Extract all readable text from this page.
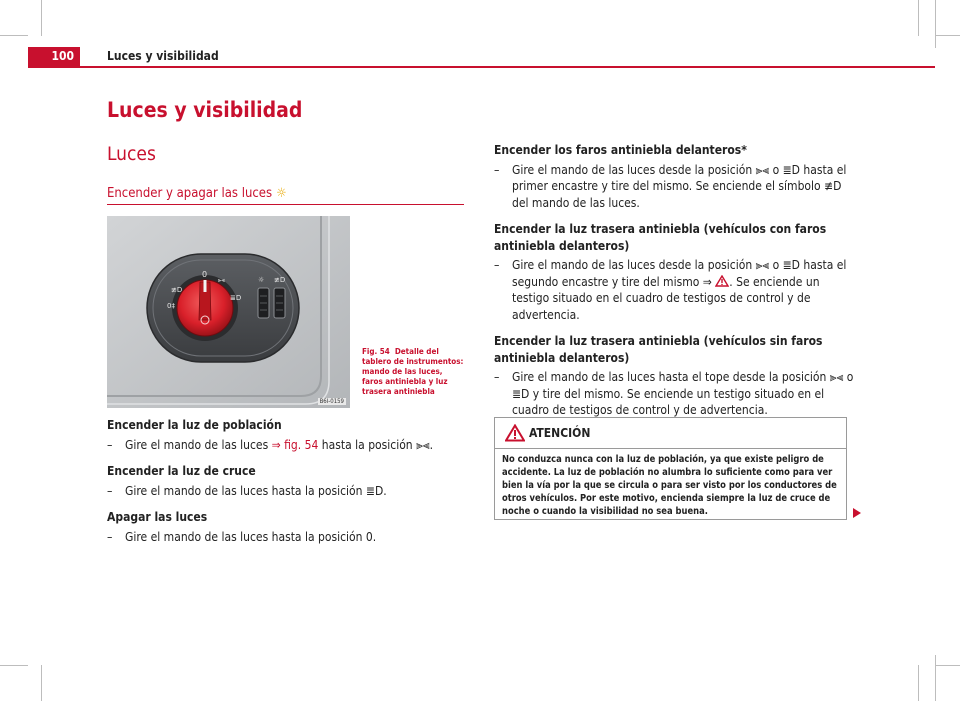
100	Luces y visibilidad
Luces y visibilidad
Luces
Encender y apagar las luces ☼
0
⫸⫷
≣D
≢D
0‡
☼ ≢D
B6I-0159
Fig. 54 Detalle del tablero de instrumentos: mando de las luces, faros antiniebla y luz trasera antiniebla

Encender la luz de población

– Gire el mando de las luces ⇒ fig. 54 hasta la posición ⫸⫷.

Encender la luz de cruce

– Gire el mando de las luces hasta la posición ≣D.

Apagar las luces

– Gire el mando de las luces hasta la posición 0.

Encender los faros antiniebla delanteros*

– Gire el mando de las luces desde la posición ⫸⫷ o ≣D hasta el primer encastre y tire del mismo. Se enciende el símbolo ≢D del mando de las luces.

Encender la luz trasera antiniebla (vehículos con faros antiniebla delanteros)

– Gire el mando de las luces desde la posición ⫸⫷ o ≣D hasta el segundo encastre y tire del mismo ⇒ . Se enciende un testigo situado en el cuadro de testigos de control y de advertencia.

Encender la luz trasera antiniebla (vehículos sin faros antiniebla delanteros)

– Gire el mando de las luces hasta el tope desde la posición ⫸⫷ o ≣D y tire del mismo. Se enciende un testigo situado en el cuadro de testigos de control y de advertencia.

ATENCIÓN
No conduzca nunca con la luz de población, ya que existe peligro de accidente. La luz de población no alumbra lo suficiente como para ver bien la vía por la que se circula o para ser visto por los conductores de otros vehículos. Por este motivo, encienda siempre la luz de cruce de noche o cuando la visibilidad no sea buena.
